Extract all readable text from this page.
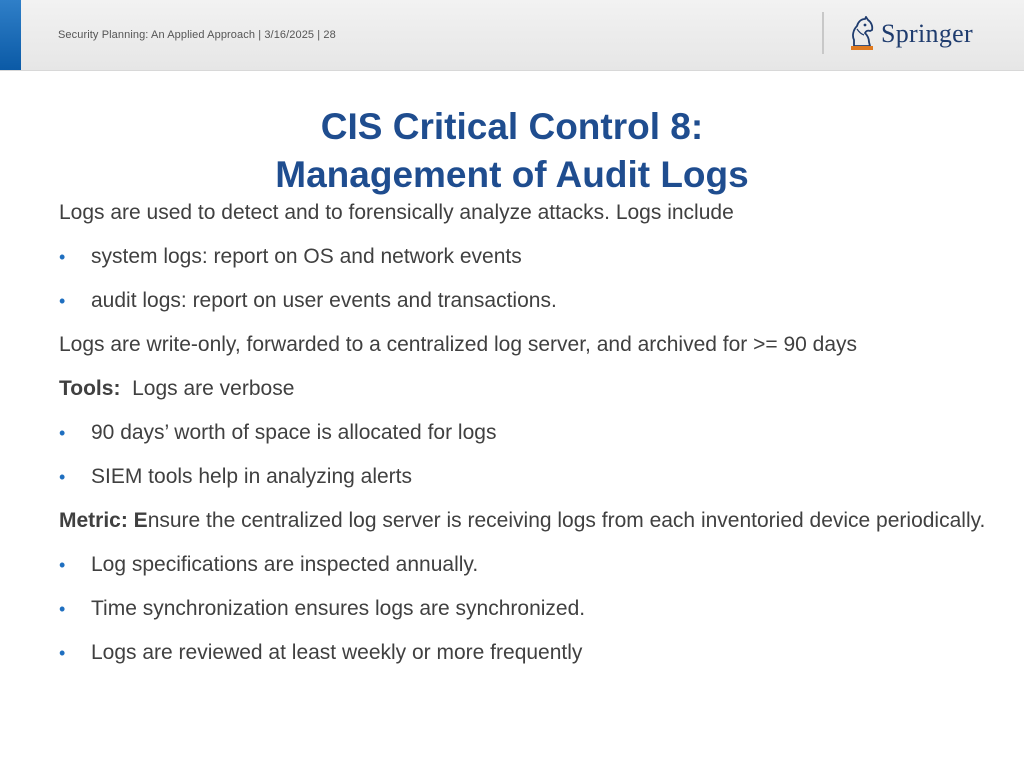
Security Planning: An Applied Approach | 3/16/2025 | 28	Springer
CIS Critical Control 8:
Management of Audit Logs
Logs are used to detect and to forensically analyze attacks. Logs include
• system logs: report on OS and network events
• audit logs: report on user events and transactions.
Logs are write-only, forwarded to a centralized log server, and archived for >= 90 days
Tools:  Logs are verbose
• 90 days’ worth of space is allocated for logs
• SIEM tools help in analyzing alerts
Metric: Ensure the centralized log server is receiving logs from each inventoried device periodically.
• Log specifications are inspected annually.
• Time synchronization ensures logs are synchronized.
• Logs are reviewed at least weekly or more frequently
